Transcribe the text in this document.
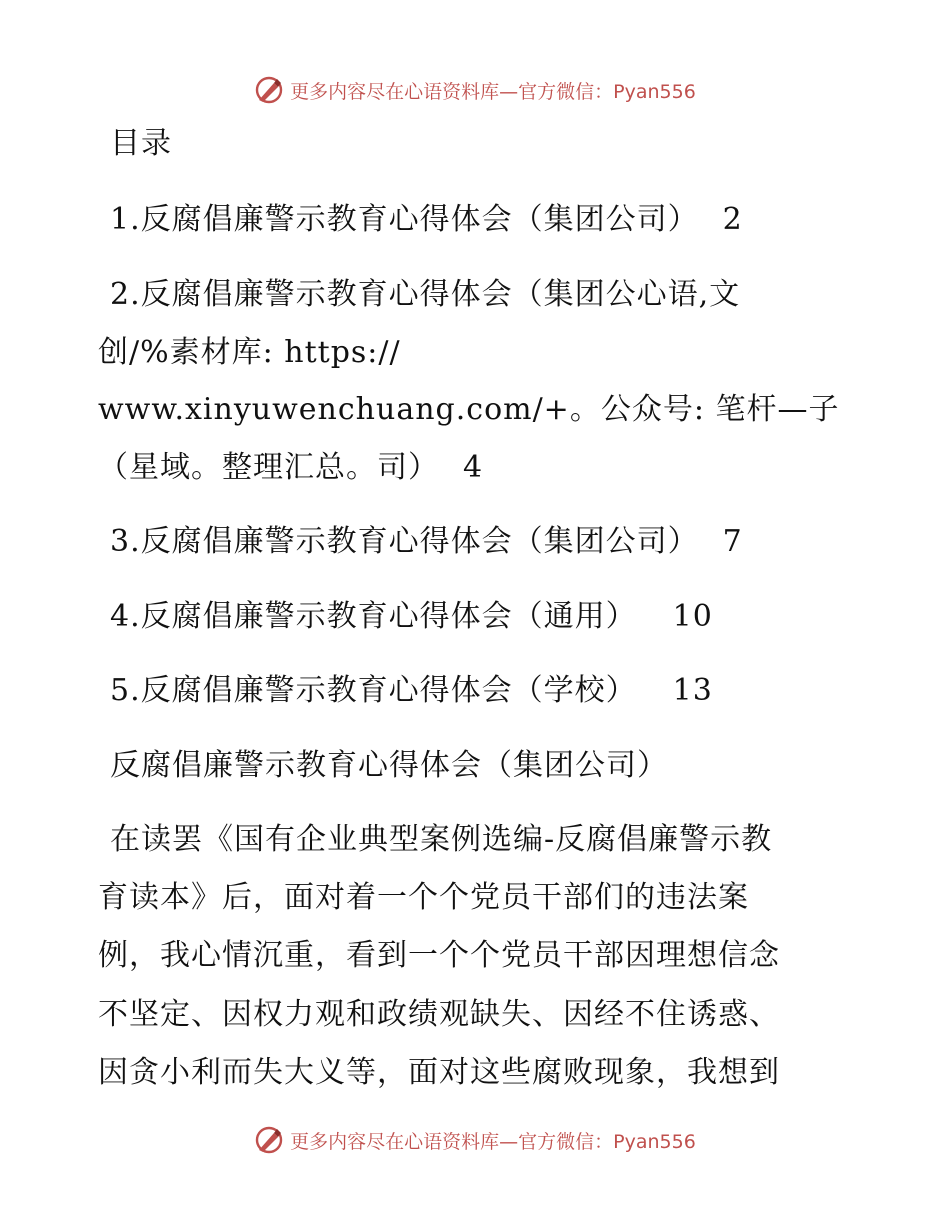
更多内容尽在心语资料库—官方微信：Pyan556
目录
1.反腐倡廉警示教育心得体会（集团公司） 2
2.反腐倡廉警示教育心得体会（集团公心语,文
创/%素材库: https://
www.xinyuwenchuang.com/+。公众号: 笔杆—子
（星域。整理汇总。司） 4
3.反腐倡廉警示教育心得体会（集团公司） 7
4.反腐倡廉警示教育心得体会（通用） 10
5.反腐倡廉警示教育心得体会（学校） 13
反腐倡廉警示教育心得体会（集团公司）
在读罢《国有企业典型案例选编-反腐倡廉警示教
育读本》后，面对着一个个党员干部们的违法案
例，我心情沉重，看到一个个党员干部因理想信念
不坚定、因权力观和政绩观缺失、因经不住诱惑、
因贪小利而失大义等，面对这些腐败现象，我想到
更多内容尽在心语资料库—官方微信：Pyan556
